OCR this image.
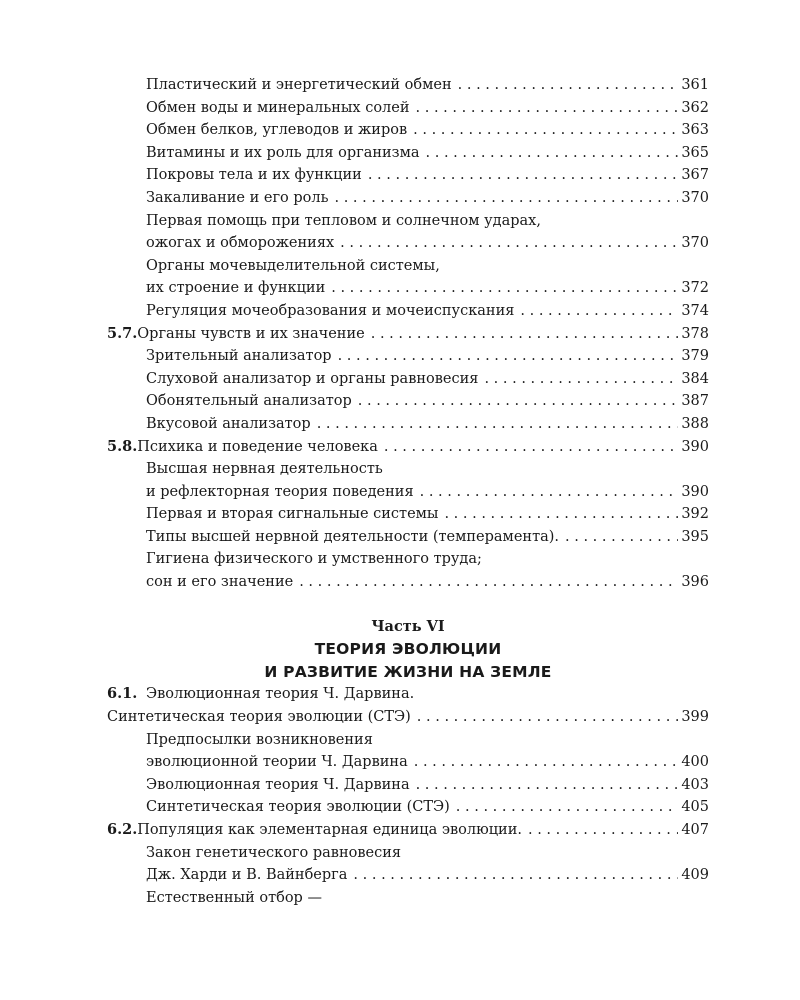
Пластический и энергетический обмен . . .	361
Обмен воды и минеральных солей . . .	362
Обмен белков, углеводов и жиров . . .	363
Витамины и их роль для организма . . .	365
Покровы тела и их функции . . .	367
Закаливание и его роль . . .	370
Первая помощь при тепловом и солнечном ударах,
ожогах и обморожениях . . .	370
Органы мочевыделительной системы,
их строение и функции . . .	372
Регуляция мочеобразования и мочеиспускания . . .	374
5.7. Органы чувств и их значение . . .	378
Зрительный анализатор . . .	379
Слуховой анализатор и органы равновесия . . .	384
Обонятельный анализатор . . .	387
Вкусовой анализатор . . .	388
5.8. Психика и поведение человека . . .	390
Высшая нервная деятельность
и рефлекторная теория поведения . . .	390
Первая и вторая сигнальные системы . . .	392
Типы высшей нервной деятельности (темперамента). . . .	395
Гигиена физического и умственного труда;
сон и его значение . . .	396
Часть VI
ТЕОРИЯ ЭВОЛЮЦИИ
И РАЗВИТИЕ ЖИЗНИ НА ЗЕМЛЕ
6.1. Эволюционная теория Ч. Дарвина.
Синтетическая теория эволюции (СТЭ) . . .	399
Предпосылки возникновения
эволюционной теории Ч. Дарвина . . .	400
Эволюционная теория Ч. Дарвина . . .	403
Синтетическая теория эволюции (СТЭ) . . .	405
6.2. Популяция как элементарная единица эволюции. . . .	407
Закон генетического равновесия
Дж. Харди и В. Вайнберга . . .	409
Естественный отбор —
